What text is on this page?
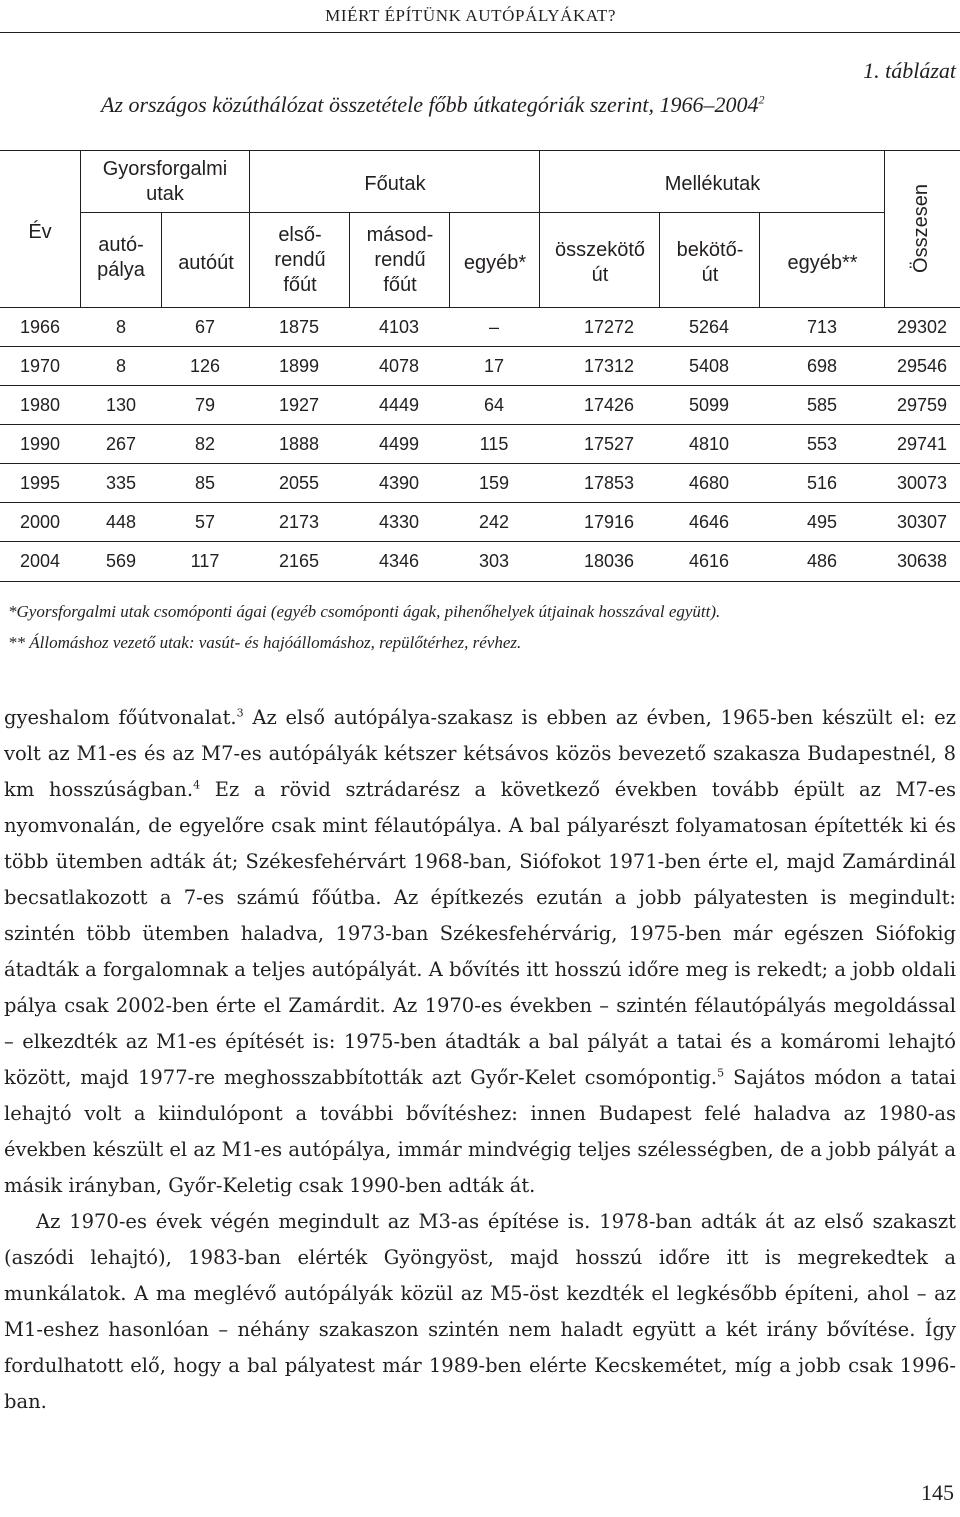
MIÉRT ÉPÍTÜNK AUTÓPÁLYÁKAT?
1. táblázat
Az országos közúthálózat összetétele főbb útkategóriák szerint, 1966–2004$^2$
Év
Gyorsforgalmi utak
autó-pálya	autóút
Főutak
első-rendű főút
másod-rendű főút
egyéb*
Mellékutak
összekötő út
bekötő-út
egyéb**	Összesen
1966	8	67	1875	4103	–	17272	5264	713	29302
1970	8	126	1899	4078	17	17312	5408	698	29546
1980	130	79	1927	4449	64	17426	5099	585	29759
1990	267	82	1888	4499	115	17527	4810	553	29741
1995	335	85	2055	4390	159	17853	4680	516	30073
2000	448	57	2173	4330	242	17916	4646	495	30307
2004	569	117	2165	4346	303	18036	4616	486	30638
*Gyorsforgalmi utak csomóponti ágai (egyéb csomóponti ágak, pihenőhelyek útjainak hosszával együtt).
** Állomáshoz vezető utak: vasút- és hajóállomáshoz, repülőtérhez, révhez.

gyeshalom főútvonalat.$^3$ Az első autópálya-szakasz is ebben az évben, 1965-ben készült el: ez volt az M1-es és az M7-es autópályák kétszer kétsávos közös bevezető szakasza Budapestnél, 8 km hosszúságban.$^4$ Ez a rövid sztrádarész a következő években tovább épült az M7-es nyomvonalán, de egyelőre csak mint félautópálya. A bal pályarészt folyamatosan építették ki és több ütemben adták át; Székesfehérvárt 1968-ban, Siófokot 1971-ben érte el, majd Zamárdinál becsatlakozott a 7-es számú főútba. Az építkezés ezután a jobb pályatesten is megindult: szintén több ütemben haladva, 1973-ban Székesfehérvárig, 1975-ben már egészen Siófokig átadták a forgalomnak a teljes autópályát. A bővítés itt hosszú időre meg is rekedt; a jobb oldali pálya csak 2002-ben érte el Zamárdit. Az 1970-es években – szintén félautópályás megoldással – elkezdték az M1-es építését is: 1975-ben átadták a bal pályát a tatai és a komáromi lehajtó között, majd 1977-re meghosszabbították azt Győr-Kelet csomópontig.$^5$ Sajátos módon a tatai lehajtó volt a kiindulópont a további bővítéshez: innen Budapest felé haladva az 1980-as években készült el az M1-es autópálya, immár mindvégig teljes szélességben, de a jobb pályát a másik irányban, Győr-Keletig csak 1990-ben adták át.

Az 1970-es évek végén megindult az M3-as építése is. 1978-ban adták át az első szakaszt (aszódi lehajtó), 1983-ban elérték Gyöngyöst, majd hosszú időre itt is megrekedtek a munkálatok. A ma meglévő autópályák közül az M5-öst kezdték el legkésőbb építeni, ahol – az M1-eshez hasonlóan – néhány szakaszon szintén nem haladt együtt a két irány bővítése. Így fordulhatott elő, hogy a bal pályatest már 1989-ben elérte Kecskemétet, míg a jobb csak 1996-ban.

145
